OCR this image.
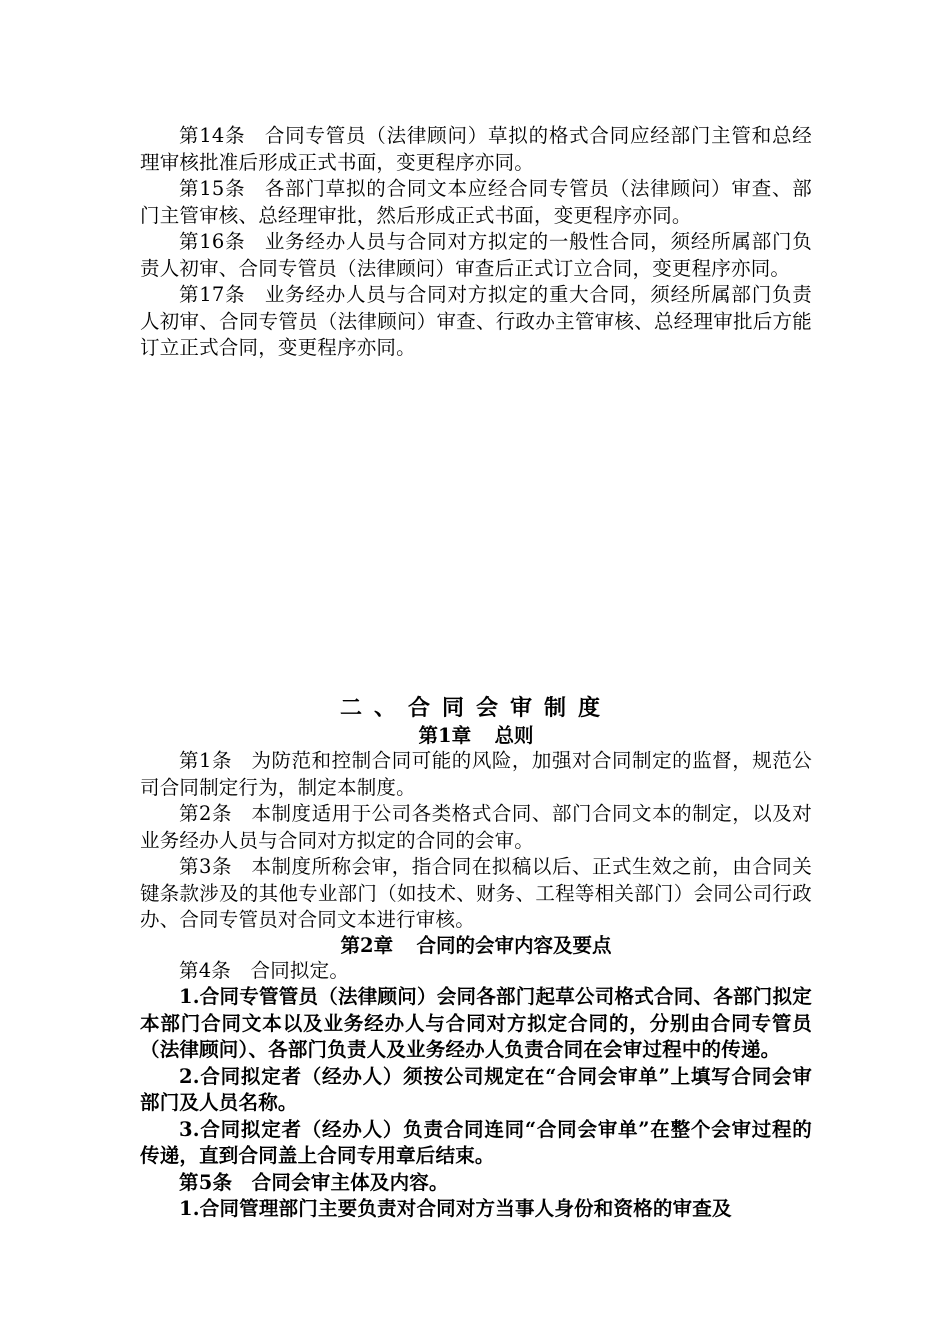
第14条 合同专管员（法律顾问）草拟的格式合同应经部门主管和总经理审核批准后形成正式书面，变更程序亦同。

第15条 各部门草拟的合同文本应经合同专管员（法律顾问）审查、部门主管审核、总经理审批，然后形成正式书面，变更程序亦同。

第16条 业务经办人员与合同对方拟定的一般性合同，须经所属部门负责人初审、合同专管员（法律顾问）审查后正式订立合同，变更程序亦同。

第17条 业务经办人员与合同对方拟定的重大合同，须经所属部门负责人初审、合同专管员（法律顾问）审查、行政办主管审核、总经理审批后方能订立正式合同，变更程序亦同。

二、合同会审制度

第1章 总则

第1条 为防范和控制合同可能的风险，加强对合同制定的监督，规范公司合同制定行为，制定本制度。

第2条 本制度适用于公司各类格式合同、部门合同文本的制定，以及对业务经办人员与合同对方拟定的合同的会审。

第3条 本制度所称会审，指合同在拟稿以后、正式生效之前，由合同关键条款涉及的其他专业部门（如技术、财务、工程等相关部门）会同公司行政办、合同专管员对合同文本进行审核。

第2章 合同的会审内容及要点

第4条 合同拟定。

1.合同专管管员（法律顾问）会同各部门起草公司格式合同、各部门拟定本部门合同文本以及业务经办人与合同对方拟定合同的，分别由合同专管员（法律顾问）、各部门负责人及业务经办人负责合同在会审过程中的传递。

2.合同拟定者（经办人）须按公司规定在“合同会审单”上填写合同会审部门及人员名称。

3.合同拟定者（经办人）负责合同连同“合同会审单”在整个会审过程的传递，直到合同盖上合同专用章后结束。

第5条 合同会审主体及内容。

1.合同管理部门主要负责对合同对方当事人身份和资格的审查及
